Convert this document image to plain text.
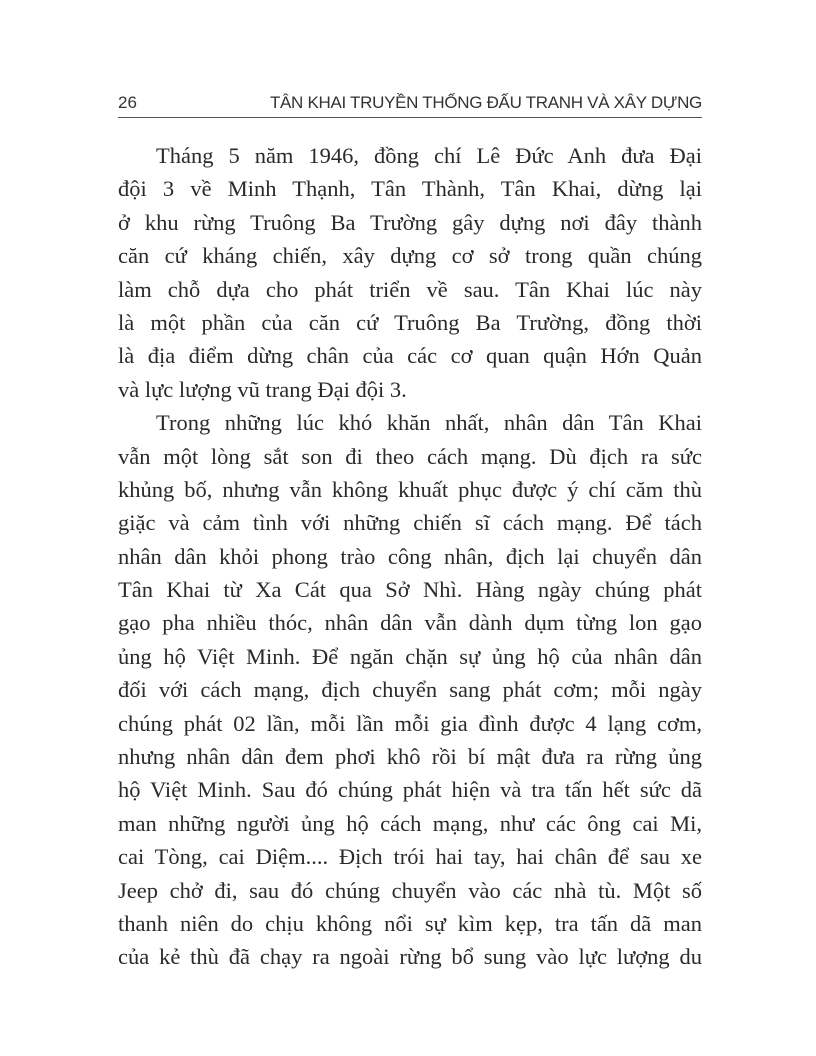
26	TÂN KHAI TRUYỀN THỐNG ĐẤU TRANH VÀ XÂY DỰNG
Tháng 5 năm 1946, đồng chí Lê Đức Anh đưa Đại
đội 3 về Minh Thạnh, Tân Thành, Tân Khai, dừng lại
ở khu rừng Truông Ba Trường gây dựng nơi đây thành
căn cứ kháng chiến, xây dựng cơ sở trong quần chúng
làm chỗ dựa cho phát triển về sau. Tân Khai lúc này
là một phần của căn cứ Truông Ba Trường, đồng thời
là địa điểm dừng chân của các cơ quan quận Hớn Quản
và lực lượng vũ trang Đại đội 3.
Trong những lúc khó khăn nhất, nhân dân Tân Khai
vẫn một lòng sắt son đi theo cách mạng. Dù địch ra sức
khủng bố, nhưng vẫn không khuất phục được ý chí căm thù
giặc và cảm tình với những chiến sĩ cách mạng. Để tách
nhân dân khỏi phong trào công nhân, địch lại chuyển dân
Tân Khai từ Xa Cát qua Sở Nhì. Hàng ngày chúng phát
gạo pha nhiều thóc, nhân dân vẫn dành dụm từng lon gạo
ủng hộ Việt Minh. Để ngăn chặn sự ủng hộ của nhân dân
đối với cách mạng, địch chuyển sang phát cơm; mỗi ngày
chúng phát 02 lần, mỗi lần mỗi gia đình được 4 lạng cơm,
nhưng nhân dân đem phơi khô rồi bí mật đưa ra rừng ủng
hộ Việt Minh. Sau đó chúng phát hiện và tra tấn hết sức dã
man những người ủng hộ cách mạng, như các ông cai Mi,
cai Tòng, cai Diệm.... Địch trói hai tay, hai chân để sau xe
Jeep chở đi, sau đó chúng chuyển vào các nhà tù. Một số
thanh niên do chịu không nổi sự kìm kẹp, tra tấn dã man
của kẻ thù đã chạy ra ngoài rừng bổ sung vào lực lượng du
